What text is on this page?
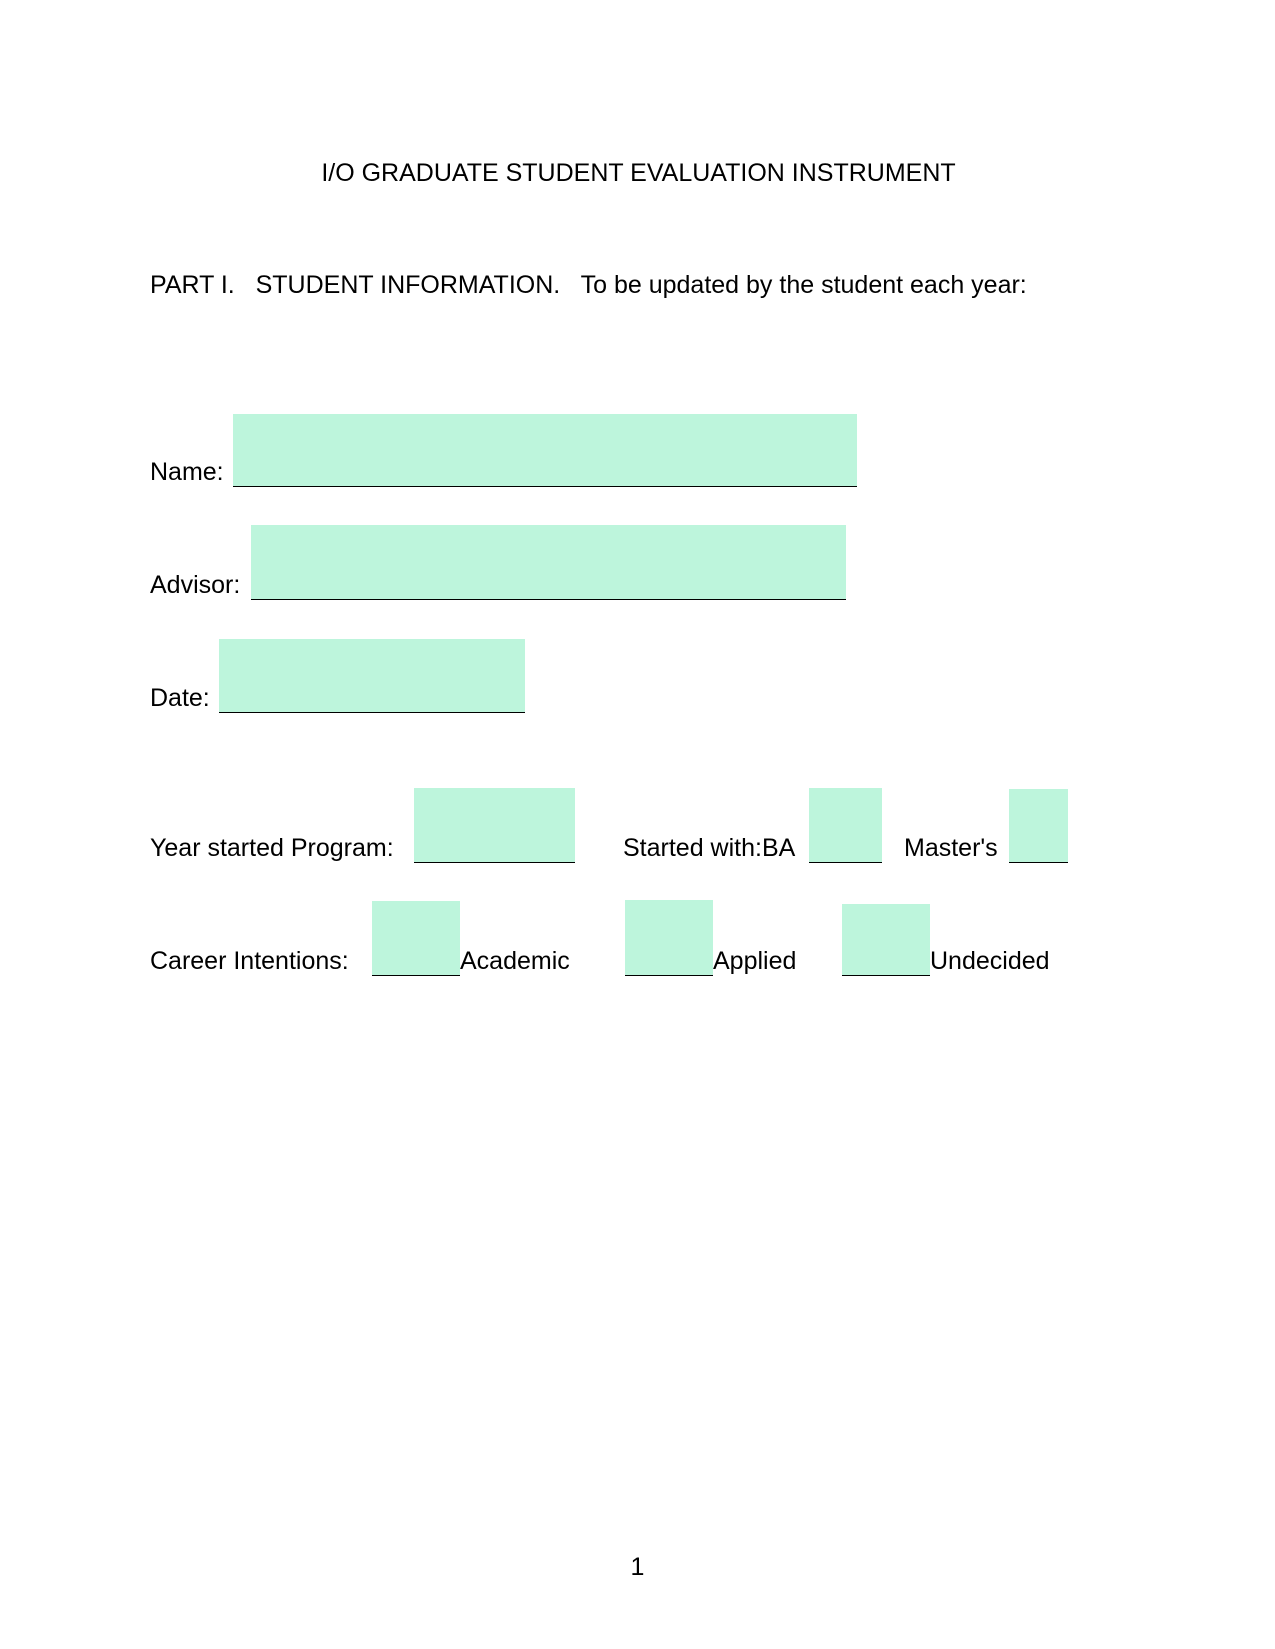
I/O GRADUATE STUDENT EVALUATION INSTRUMENT
PART I.   STUDENT INFORMATION.   To be updated by the student each year:
Name:
Advisor:
Date:
Year started Program:	Started with:BA	Master's
Career Intentions:	Academic	Applied	Undecided
1
